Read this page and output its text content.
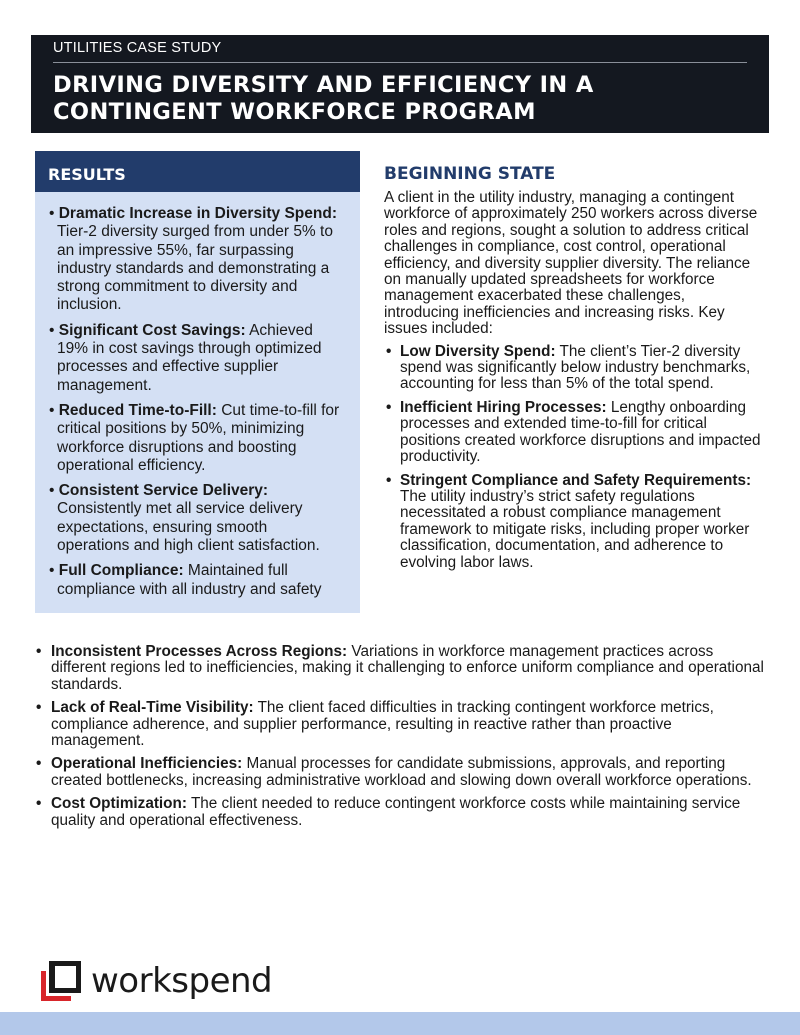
UTILITIES CASE STUDY
DRIVING DIVERSITY AND EFFICIENCY IN A
CONTINGENT WORKFORCE PROGRAM
RESULTS
• Dramatic Increase in Diversity Spend: Tier-2 diversity surged from under 5% to an impressive 55%, far surpassing industry standards and demonstrating a strong commitment to diversity and inclusion.
• Significant Cost Savings: Achieved 19% in cost savings through optimized processes and effective supplier management.
• Reduced Time-to-Fill: Cut time-to-fill for critical positions by 50%, minimizing workforce disruptions and boosting operational efficiency.
• Consistent Service Delivery: Consistently met all service delivery expectations, ensuring smooth operations and high client satisfaction.
• Full Compliance: Maintained full compliance with all industry and safety
BEGINNING STATE

A client in the utility industry, managing a contingent workforce of approximately 250 workers across diverse roles and regions, sought a solution to address critical challenges in compliance, cost control, operational efficiency, and diversity supplier diversity. The reliance on manually updated spreadsheets for workforce management exacerbated these challenges, introducing inefficiencies and increasing risks. Key issues included:

• Low Diversity Spend: The client’s Tier-2 diversity spend was significantly below industry benchmarks, accounting for less than 5% of the total spend.
• Inefficient Hiring Processes: Lengthy onboarding processes and extended time-to-fill for critical positions created workforce disruptions and impacted productivity.
• Stringent Compliance and Safety Requirements: The utility industry’s strict safety regulations necessitated a robust compliance management framework to mitigate risks, including proper worker classification, documentation, and adherence to evolving labor laws.
• Inconsistent Processes Across Regions: Variations in workforce management practices across different regions led to inefficiencies, making it challenging to enforce uniform compliance and operational standards.
• Lack of Real-Time Visibility: The client faced difficulties in tracking contingent workforce metrics, compliance adherence, and supplier performance, resulting in reactive rather than proactive management.
• Operational Inefficiencies: Manual processes for candidate submissions, approvals, and reporting created bottlenecks, increasing administrative workload and slowing down overall workforce operations.
• Cost Optimization: The client needed to reduce contingent workforce costs while maintaining service quality and operational effectiveness.
workspend
